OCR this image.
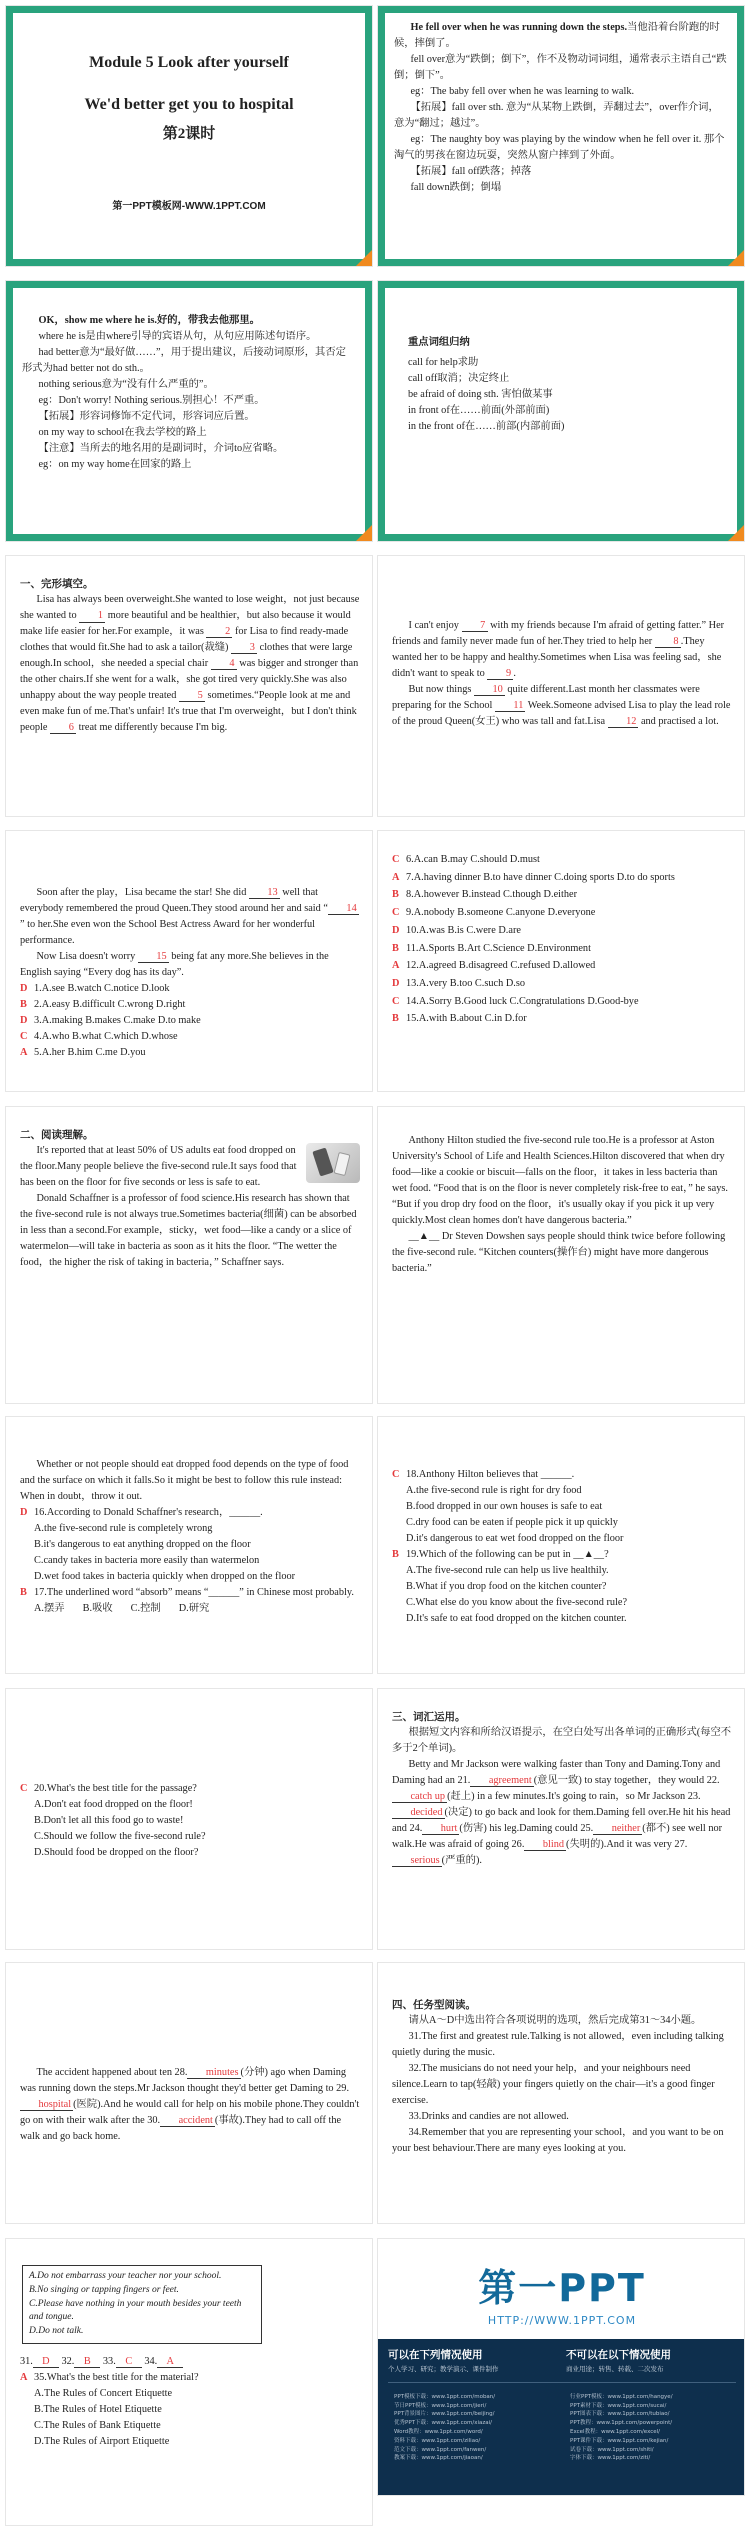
Module 5 Look after yourself
We'd better get you to hospital
第2课时
第一PPT模板网-WWW.1PPT.COM

He fell over when he was running down the steps.当他沿着台阶跑的时候，摔倒了。

fell over意为“跌倒；倒下”，作不及物动词词组，通常表示主语自己“跌倒；倒下”。

eg：The baby fell over when he was learning to walk.

【拓展】fall over sth. 意为“从某物上跌倒，弄翻过去”，over作介词，意为“翻过；越过”。

eg：The naughty boy was playing by the window when he fell over it. 那个淘气的男孩在窗边玩耍，突然从窗户摔到了外面。

【拓展】fall off跌落；掉落

fall down跌倒；倒塌

OK，show me where he is.好的，带我去他那里。

where he is是由where引导的宾语从句，从句应用陈述句语序。

had better意为“最好做……”，用于提出建议，后接动词原形，其否定形式为had better not do sth.。

nothing serious意为“没有什么严重的”。

eg：Don't worry! Nothing serious.别担心！不严重。

【拓展】形容词修饰不定代词，形容词应后置。

on my way to school在我去学校的路上

【注意】当所去的地名用的是副词时，介词to应省略。

eg：on my way home在回家的路上

重点词组归纳

call for help求助

call off取消；决定终止

be afraid of doing sth. 害怕做某事

in front of在……前面(外部前面)

in the front of在……前部(内部前面)

一、完形填空。

Lisa has always been overweight.She wanted to lose weight，not just because she wanted to 1 more beautiful and be healthier，but also because it would make life easier for her.For example，it was 2 for Lisa to find ready-made clothes that would fit.She had to ask a tailor(裁缝) 3 clothes that were large enough.In school，she needed a special chair 4 was bigger and stronger than the other chairs.If she went for a walk，she got tired very quickly.She was also unhappy about the way people treated 5 sometimes.“People look at me and even make fun of me.That's unfair! It's true that I'm overweight，but I don't think people 6 treat me differently because I'm big.

I can't enjoy 7 with my friends because I'm afraid of getting fatter.” Her friends and family never made fun of her.They tried to help her 8 .They wanted her to be happy and healthy.Sometimes when Lisa was feeling sad，she didn't want to speak to 9 .

But now things 10 quite different.Last month her classmates were preparing for the School 11 Week.Someone advised Lisa to play the lead role of the proud Queen(女王) who was tall and fat.Lisa 12 and practised a lot.

Soon after the play，Lisa became the star! She did 13 well that everybody remembered the proud Queen.They stood around her and said “ 14” to her.She even won the School Best Actress Award for her wonderful performance.

Now Lisa doesn't worry 15 being fat any more.She believes in the English saying “Every dog has its day”.

D 1.A.see B.watch C.notice D.look
B 2.A.easy B.difficult C.wrong D.right
D 3.A.making B.makes C.make D.to make
C 4.A.who B.what C.which D.whose
A 5.A.her B.him C.me D.you
C 6.A.can B.may C.should D.must
A 7.A.having dinner B.to have dinner C.doing sports D.to do sports
B 8.A.however B.instead C.though D.either
C 9.A.nobody B.someone C.anyone D.everyone
D 10.A.was B.is C.were D.are
B 11.A.Sports B.Art C.Science D.Environment
A 12.A.agreed B.disagreed C.refused D.allowed
D 13.A.very B.too C.such D.so
C 14.A.Sorry B.Good luck C.Congratulations D.Good-bye
B 15.A.with B.about C.in D.for

二、阅读理解。

It's reported that at least 50% of US adults eat food dropped on the floor.Many people believe the five-second rule.It says food that has been on the floor for five seconds or less is safe to eat.

Donald Schaffner is a professor of food science.His research has shown that the five-second rule is not always true.Sometimes bacteria(细菌) can be absorbed in less than a second.For example，sticky，wet food—like a candy or a slice of watermelon—will take in bacteria as soon as it hits the floor. “The wetter the food，the higher the risk of taking in bacteria，” Schaffner says.

Anthony Hilton studied the five-second rule too.He is a professor at Aston University's School of Life and Health Sciences.Hilton discovered that when dry food—like a cookie or biscuit—falls on the floor，it takes in less bacteria than wet food. “Food that is on the floor is never completely risk-free to eat，” he says. “But if you drop dry food on the floor，it's usually okay if you pick it up very quickly.Most clean homes don't have dangerous bacteria.”

__▲__ Dr Steven Dowshen says people should think twice before following the five-second rule. “Kitchen counters(操作台) might have more dangerous bacteria.”

Whether or not people should eat dropped food depends on the type of food and the surface on which it falls.So it might be best to follow this rule instead: When in doubt，throw it out.

D 16.According to Donald Schaffner's research，______.

A.the five-second rule is completely wrong

B.it's dangerous to eat anything dropped on the floor

C.candy takes in bacteria more easily than watermelon

D.wet food takes in bacteria quickly when dropped on the floor

B 17.The underlined word “absorb” means “______” in Chinese most probably.

A.摆弄       B.吸收       C.控制       D.研究

C 18.Anthony Hilton believes that ______.

A.the five-second rule is right for dry food

B.food dropped in our own houses is safe to eat

C.dry food can be eaten if people pick it up quickly

D.it's dangerous to eat wet food dropped on the floor

B 19.Which of the following can be put in __▲__?

A.The five-second rule can help us live healthily.

B.What if you drop food on the kitchen counter?

C.What else do you know about the five-second rule?

D.It's safe to eat food dropped on the kitchen counter.

C 20.What's the best title for the passage?

A.Don't eat food dropped on the floor!

B.Don't let all this food go to waste!

C.Should we follow the five-second rule?

D.Should food be dropped on the floor?

三、词汇运用。

根据短文内容和所给汉语提示，在空白处写出各单词的正确形式(每空不多于2个单词)。

Betty and Mr Jackson were walking faster than Tony and Daming.Tony and Daming had an 21. agreement (意见一致) to stay together，they would 22.catch up (赶上) in a few minutes.It's going to rain，so Mr Jackson 23.decided (决定) to go back and look for them.Daming fell over.He hit his head and 24. hurt (伤害) his leg.Daming could 25. neither (都不) see well nor walk.He was afraid of going 26. blind (失明的).And it was very 27.serious (严重的).

The accident happened about ten 28. minutes (分钟) ago when Daming was running down the steps.Mr Jackson thought they'd better get Daming to 29.hospital (医院).And he would call for help on his mobile phone.They couldn't go on with their walk after the 30. accident (事故).They had to call off the walk and go back home.

四、任务型阅读。

请从A～D中选出符合各项说明的选项，然后完成第31～34小题。

31.The first and greatest rule.Talking is not allowed，even including talking quietly during the music.

32.The musicians do not need your help，and your neighbours need silence.Learn to tap(轻敲) your fingers quietly on the chair—it's a good finger exercise.

33.Drinks and candies are not allowed.

34.Remember that you are representing your school，and you want to be on your best behaviour.There are many eyes looking at you.

A.Do not embarrass your teacher nor your school.

B.No singing or tapping fingers or feet.

C.Please have nothing in your mouth besides your teeth and tongue.

D.Do not talk.

31. D 32. B 33. C 34. A

A 35.What's the best title for the material?

A.The Rules of Concert Etiquette

B.The Rules of Hotel Etiquette

C.The Rules of Bank Etiquette

D.The Rules of Airport Etiquette

第一PPT
HTTP://WWW.1PPT.COM
可以在下列情况使用
个人学习、研究；教学演示、课件制作
不可以在以下情况使用
商业用途；转售、转载、二次发布
PPT模板下载：www.1ppt.com/moban/
节日PPT模板：www.1ppt.com/jieri/
PPT背景图片：www.1ppt.com/beijing/
优秀PPT下载：www.1ppt.com/xiazai/
Word教程：www.1ppt.com/word/
资料下载：www.1ppt.com/ziliao/
范文下载：www.1ppt.com/fanwen/
教案下载：www.1ppt.com/jiaoan/
行业PPT模板：www.1ppt.com/hangye/
PPT素材下载：www.1ppt.com/sucai/
PPT图表下载：www.1ppt.com/tubiao/
PPT教程：www.1ppt.com/powerpoint/
Excel教程：www.1ppt.com/excel/
PPT课件下载：www.1ppt.com/kejian/
试卷下载：www.1ppt.com/shiti/
字体下载：www.1ppt.com/ziti/
